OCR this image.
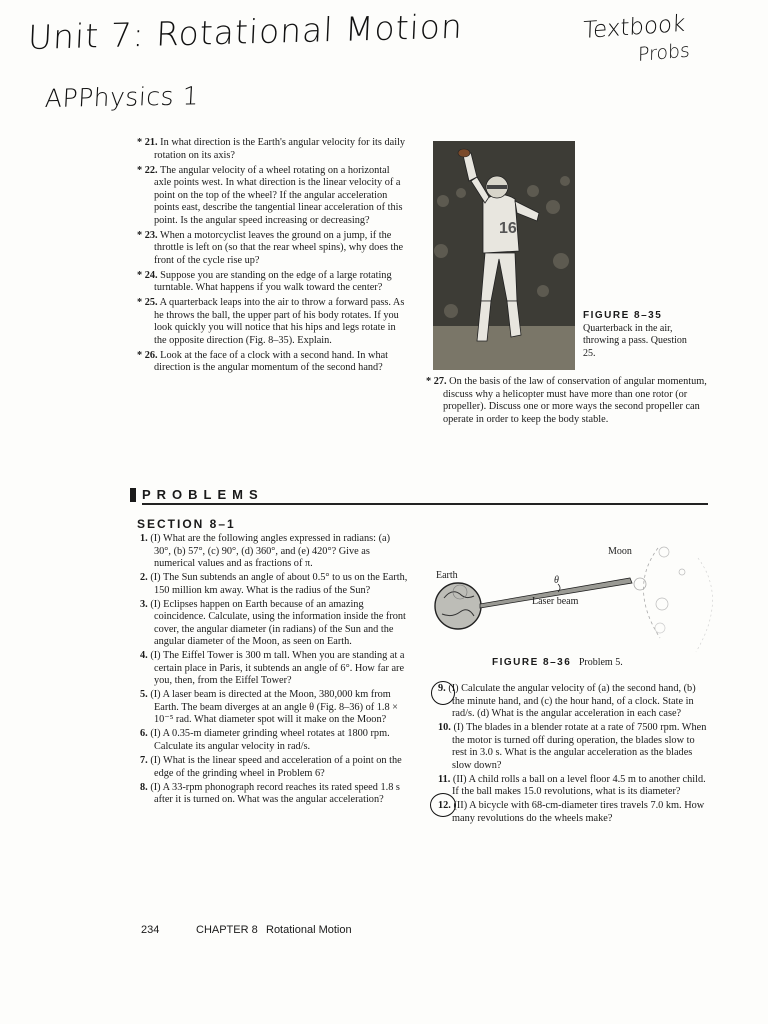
Unit 7: Rotational Motion
APPhysics 1
Textbook
Probs

* 21. In what direction is the Earth's angular velocity for its daily rotation on its axis?

* 22. The angular velocity of a wheel rotating on a horizontal axle points west. In what direction is the linear velocity of a point on the top of the wheel? If the angular acceleration points east, describe the tangential linear acceleration of this point. Is the angular speed increasing or decreasing?

* 23. When a motorcyclist leaves the ground on a jump, if the throttle is left on (so that the rear wheel spins), why does the front of the cycle rise up?

* 24. Suppose you are standing on the edge of a large rotating turntable. What happens if you walk toward the center?

* 25. A quarterback leaps into the air to throw a forward pass. As he throws the ball, the upper part of his body rotates. If you look quickly you will notice that his hips and legs rotate in the opposite direction (Fig. 8–35). Explain.

* 26. Look at the face of a clock with a second hand. In what direction is the angular momentum of the second hand?

16
FIGURE 8–35
Quarterback in the air, throwing a pass. Question 25.

* 27. On the basis of the law of conservation of angular momentum, discuss why a helicopter must have more than one rotor (or propeller). Discuss one or more ways the second propeller can operate in order to keep the body stable.

PROBLEMS
SECTION 8–1

1. (I) What are the following angles expressed in radians: (a) 30°, (b) 57°, (c) 90°, (d) 360°, and (e) 420°? Give as numerical values and as fractions of π.

2. (I) The Sun subtends an angle of about 0.5° to us on the Earth, 150 million km away. What is the radius of the Sun?

3. (I) Eclipses happen on Earth because of an amazing coincidence. Calculate, using the information inside the front cover, the angular diameter (in radians) of the Sun and the angular diameter of the Moon, as seen on Earth.

4. (I) The Eiffel Tower is 300 m tall. When you are standing at a certain place in Paris, it subtends an angle of 6°. How far are you, then, from the Eiffel Tower?

5. (I) A laser beam is directed at the Moon, 380,000 km from Earth. The beam diverges at an angle θ (Fig. 8–36) of 1.8 × 10⁻⁵ rad. What diameter spot will it make on the Moon?

6. (I) A 0.35-m diameter grinding wheel rotates at 1800 rpm. Calculate its angular velocity in rad/s.

7. (I) What is the linear speed and acceleration of a point on the edge of the grinding wheel in Problem 6?

8. (I) A 33-rpm phonograph record reaches its rated speed 1.8 s after it is turned on. What was the angular acceleration?

θ
Earth
Moon
Laser beam
FIGURE 8–36 Problem 5.

9. (I) Calculate the angular velocity of (a) the second hand, (b) the minute hand, and (c) the hour hand, of a clock. State in rad/s. (d) What is the angular acceleration in each case?

10. (I) The blades in a blender rotate at a rate of 7500 rpm. When the motor is turned off during operation, the blades slow to rest in 3.0 s. What is the angular acceleration as the blades slow down?

11. (II) A child rolls a ball on a level floor 4.5 m to another child. If the ball makes 15.0 revolutions, what is its diameter?

12. (II) A bicycle with 68-cm-diameter tires travels 7.0 km. How many revolutions do the wheels make?

234	CHAPTER 8 Rotational Motion
